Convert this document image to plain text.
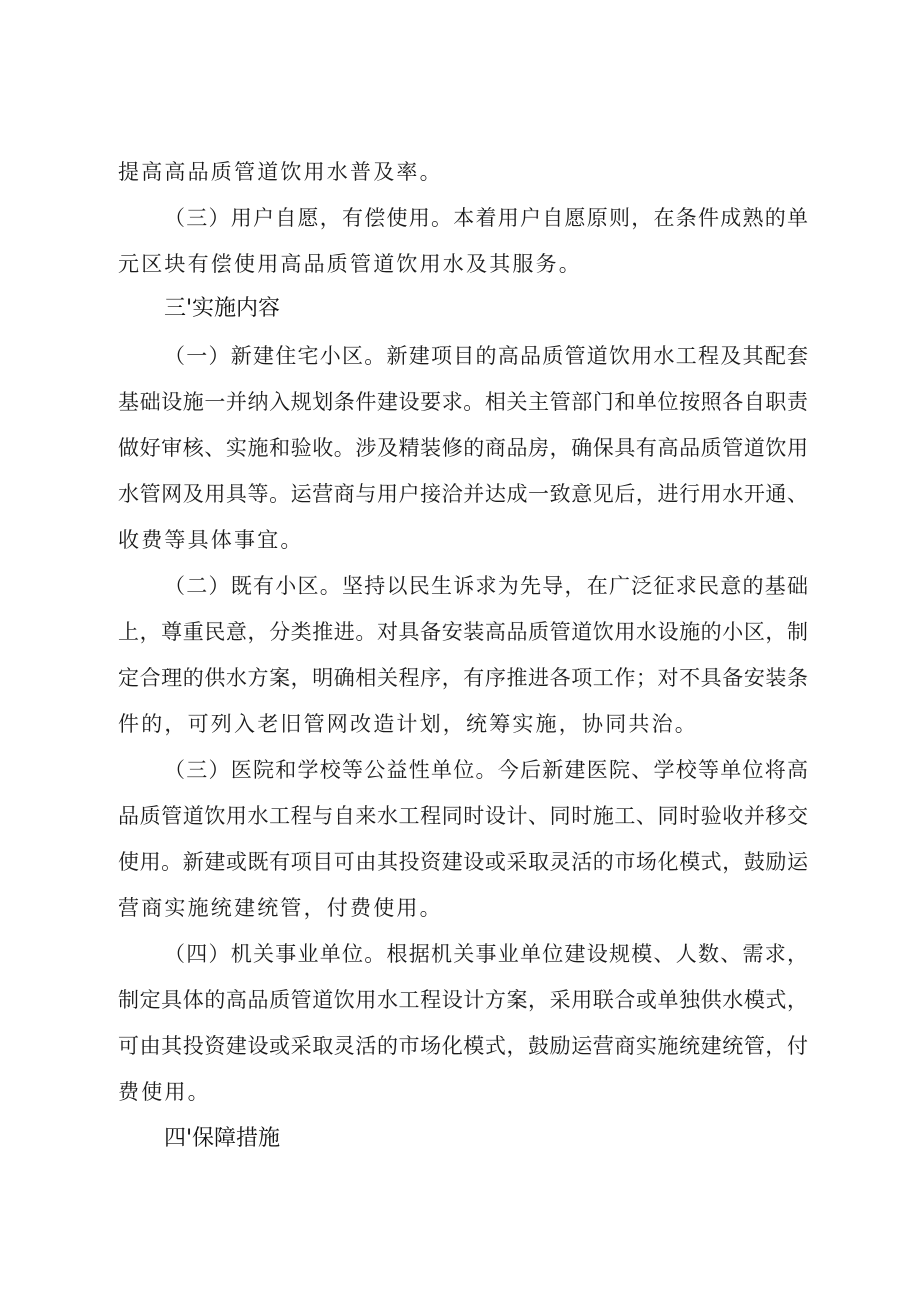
提高高品质管道饮用水普及率。
（三）用户自愿，有偿使用。本着用户自愿原则，在条件成熟的单
元区块有偿使用高品质管道饮用水及其服务。
三'实施内容
（一）新建住宅小区。新建项目的高品质管道饮用水工程及其配套
基础设施一并纳入规划条件建设要求。相关主管部门和单位按照各自职责
做好审核、实施和验收。涉及精装修的商品房，确保具有高品质管道饮用
水管网及用具等。运营商与用户接洽并达成一致意见后，进行用水开通、
收费等具体事宜。
（二）既有小区。坚持以民生诉求为先导，在广泛征求民意的基础
上，尊重民意，分类推进。对具备安装高品质管道饮用水设施的小区，制
定合理的供水方案，明确相关程序，有序推进各项工作；对不具备安装条
件的，可列入老旧管网改造计划，统筹实施，协同共治。
（三）医院和学校等公益性单位。今后新建医院、学校等单位将高
品质管道饮用水工程与自来水工程同时设计、同时施工、同时验收并移交
使用。新建或既有项目可由其投资建设或采取灵活的市场化模式，鼓励运
营商实施统建统管，付费使用。
（四）机关事业单位。根据机关事业单位建设规模、人数、需求，
制定具体的高品质管道饮用水工程设计方案，采用联合或单独供水模式，
可由其投资建设或采取灵活的市场化模式，鼓励运营商实施统建统管，付
费使用。
四'保障措施
